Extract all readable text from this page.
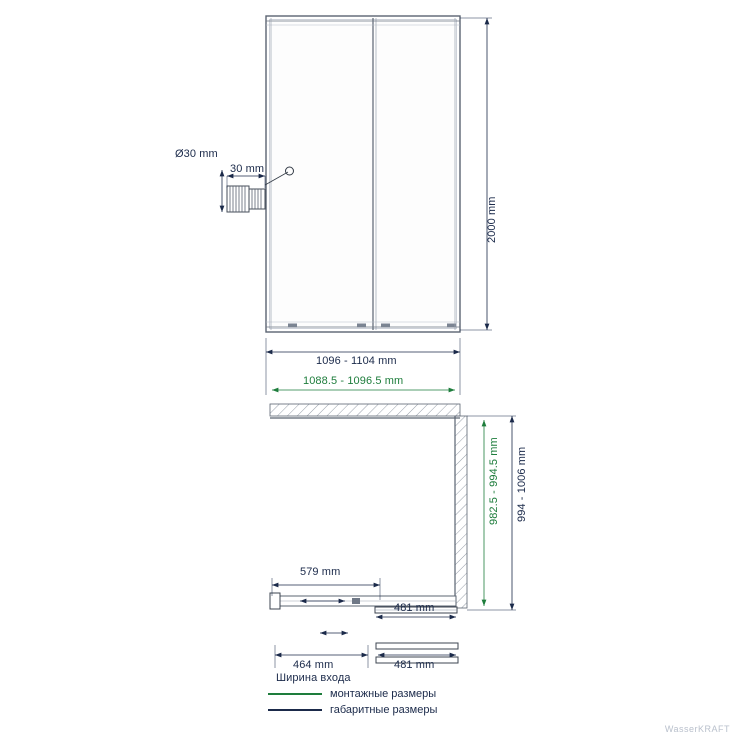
2000 mm
Ø30 mm
30 mm
1096 - 1104 mm
1088.5 - 1096.5 mm
982.5 - 994.5 mm 994 - 1006 mm
579 mm
481 mm
464 mm
Ширина входа
481 mm
монтажные размеры
габаритные размеры
WasserKRAFT
